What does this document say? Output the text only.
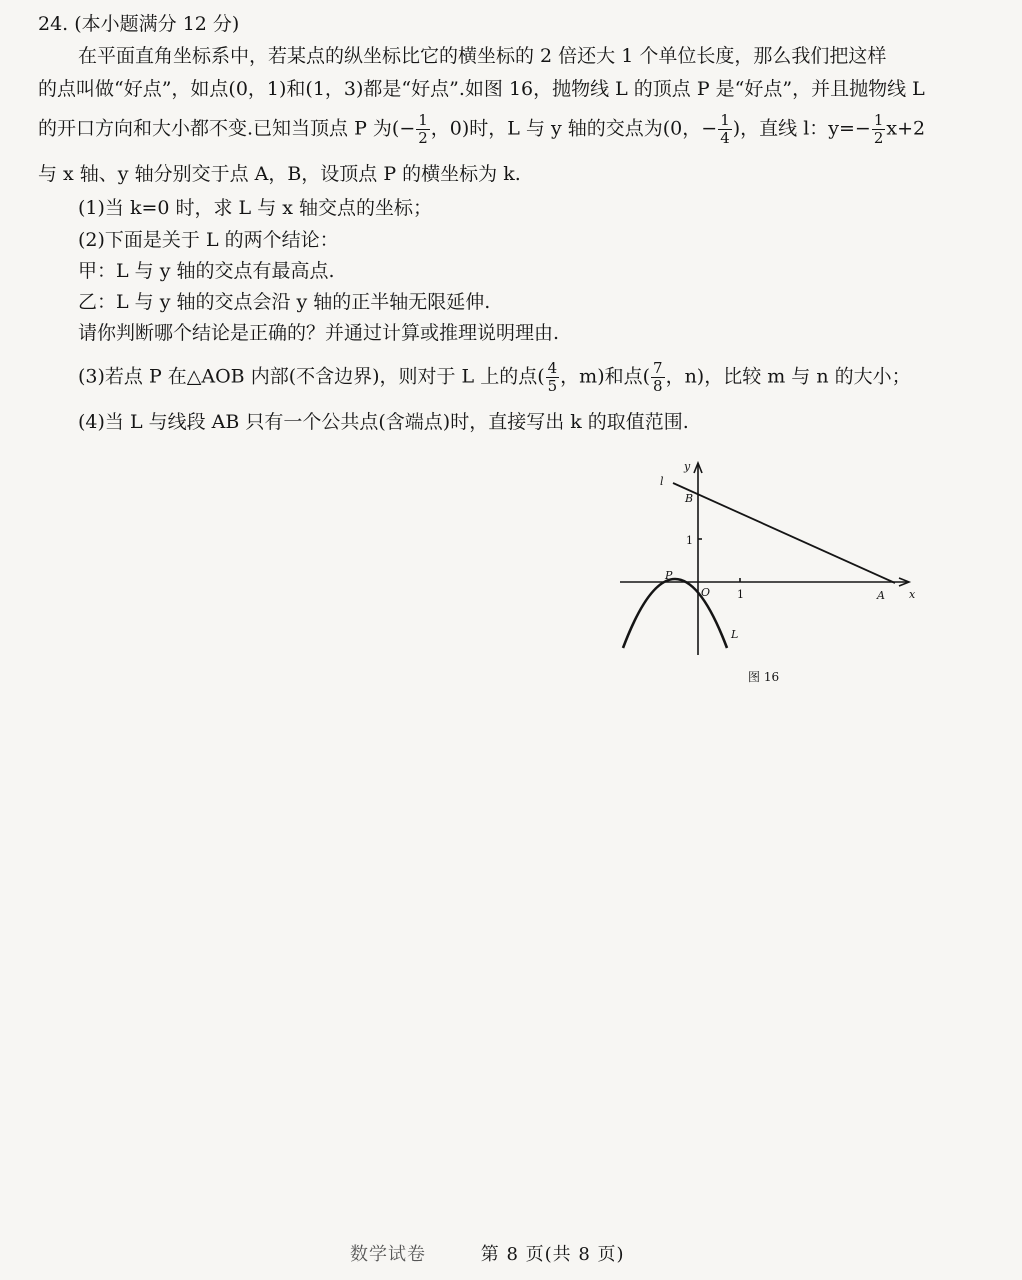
24. (本小题满分 12 分)
在平面直角坐标系中，若某点的纵坐标比它的横坐标的 2 倍还大 1 个单位长度，那么我们把这样
的点叫做“好点”，如点(0，1)和(1，3)都是“好点”.如图 16，抛物线 L 的顶点 P 是“好点”，并且抛物线 L
的开口方向和大小都不变.已知当顶点 P 为(− $\frac{1}{2}$ ，0)时，L 与 y 轴的交点为(0，− $\frac{1}{4}$ )，直线 l：$y=- \frac{1}{2} x+2$
与 x 轴、y 轴分别交于点 A，B，设顶点 P 的横坐标为 k.
(1)当 k=0 时，求 L 与 x 轴交点的坐标；
(2)下面是关于 L 的两个结论：
甲：L 与 y 轴的交点有最高点.
乙：L 与 y 轴的交点会沿 y 轴的正半轴无限延伸.
请你判断哪个结论是正确的？并通过计算或推理说明理由.
(3)若点 P 在△AOB 内部(不含边界)，则对于 L 上的点( $\frac{4}{5}$ ，m)和点( $\frac{7}{8}$ ，n)，比较 m 与 n 的大小；
(4)当 L 与线段 AB 只有一个公共点(含端点)时，直接写出 k 的取值范围.
l
y
x
B
1
P
O 1	A
L
图 16
数学试卷	第 8 页(共 8 页)
